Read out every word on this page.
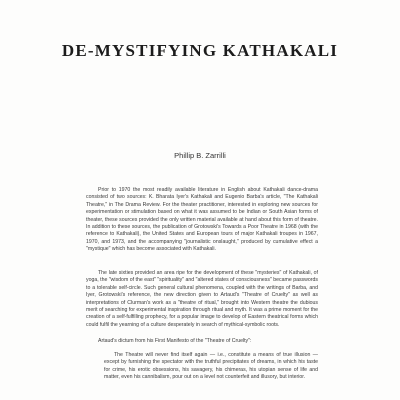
DE-MYSTIFYING KATHAKALI
Phillip B. Zarrilli

Prior to 1970 the most readily available literature in English about Kathakali dance-drama consisted of two sources: K. Bharata Iyer's Kathakali and Eugenio Barba's article, "The Kathakali Theatre," in The Drama Review. For the theater practitioner, interested in exploring new sources for experimentation or stimulation based on what it was assumed to be Indian or South Asian forms of theater, these sources provided the only written material available at hand about this form of theatre. In addition to these sources, the publication of Grotowski's Towards a Poor Theatre in 1968 (with the reference to Kathakali), the United States and European tours of major Kathakali troupes in 1967, 1970, and 1973, and the accompanying "journalistic onslaught," produced by cumulative effect a "mystique" which has become associated with Kathakali.

The late sixties provided an area ripe for the development of these "mysteries" of Kathakali, of yoga, the "wisdom of the east" "spirituality" and "altered states of consciousness" became passwords to a tolerable self-circle. Such general cultural phenomena, coupled with the writings of Barba, and Iyer, Grotowski's reference, the new direction given to Artaud's "Theatre of Cruelty" as well as interpretations of Clurman's work as a "theatre of ritual," brought into Western theatre the dubious merit of searching for experimental inspiration through ritual and myth. It was a prime moment for the creation of a self-fulfilling prophecy, for a popular image to develop of Eastern theatrical forms which could fulfil the yearning of a culture desperately in search of mythical-symbolic roots.

Artaud's dictum from his First Manifesto of the "Theatre of Cruelty":

The Theatre will never find itself again — i.e., constitute a means of true illusion — except by furnishing the spectator with the truthful precipitates of dreams, in which his taste for crime, his erotic obsessions, his savagery, his chimeras, his utopian sense of life and matter, even his cannibalism, pour out on a level not counterfeit and illusory, but interior.
